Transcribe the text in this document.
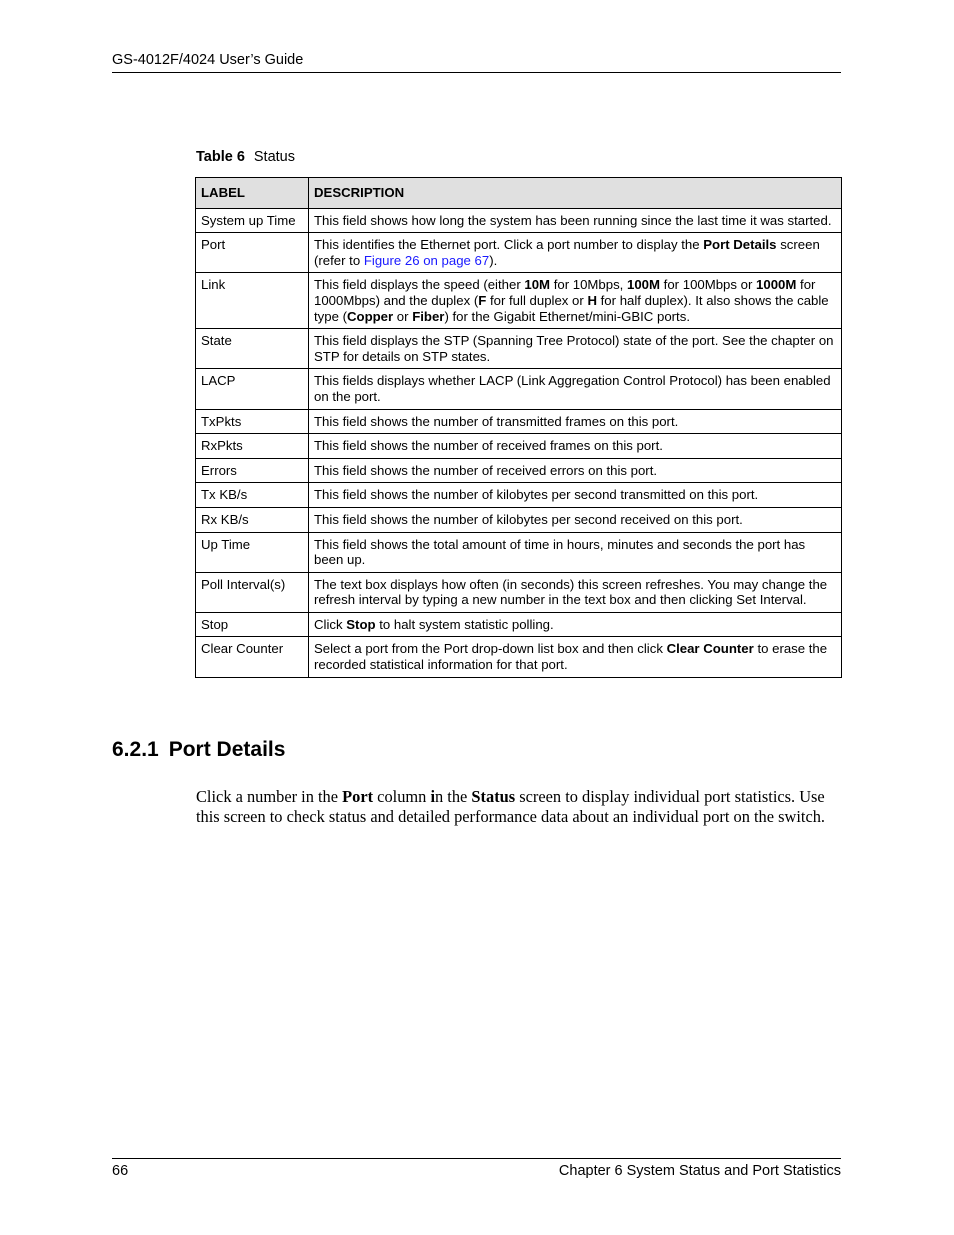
GS-4012F/4024 User’s Guide
Table 6 Status
LABEL	DESCRIPTION
System up Time	This field shows how long the system has been running since the last time it was started.
Port	This identifies the Ethernet port. Click a port number to display the Port Details screen (refer to Figure 26 on page 67).
Link	This field displays the speed (either 10M for 10Mbps, 100M for 100Mbps or 1000M for 1000Mbps) and the duplex (F for full duplex or H for half duplex). It also shows the cable type (Copper or Fiber) for the Gigabit Ethernet/mini-GBIC ports.
State	This field displays the STP (Spanning Tree Protocol) state of the port. See the chapter on STP for details on STP states.
LACP	This fields displays whether LACP (Link Aggregation Control Protocol) has been enabled on the port.
TxPkts	This field shows the number of transmitted frames on this port.
RxPkts	This field shows the number of received frames on this port.
Errors	This field shows the number of received errors on this port.
Tx KB/s	This field shows the number of kilobytes per second transmitted on this port.
Rx KB/s	This field shows the number of kilobytes per second received on this port.
Up Time	This field shows the total amount of time in hours, minutes and seconds the port has been up.
Poll Interval(s)	The text box displays how often (in seconds) this screen refreshes. You may change the refresh interval by typing a new number in the text box and then clicking Set Interval.
Stop	Click Stop to halt system statistic polling.
Clear Counter	Select a port from the Port drop-down list box and then click Clear Counter to erase the recorded statistical information for that port.
6.2.1 Port Details

Click a number in the Port column in the Status screen to display individual port statistics. Use this screen to check status and detailed performance data about an individual port on the switch.

66	Chapter 6 System Status and Port Statistics
